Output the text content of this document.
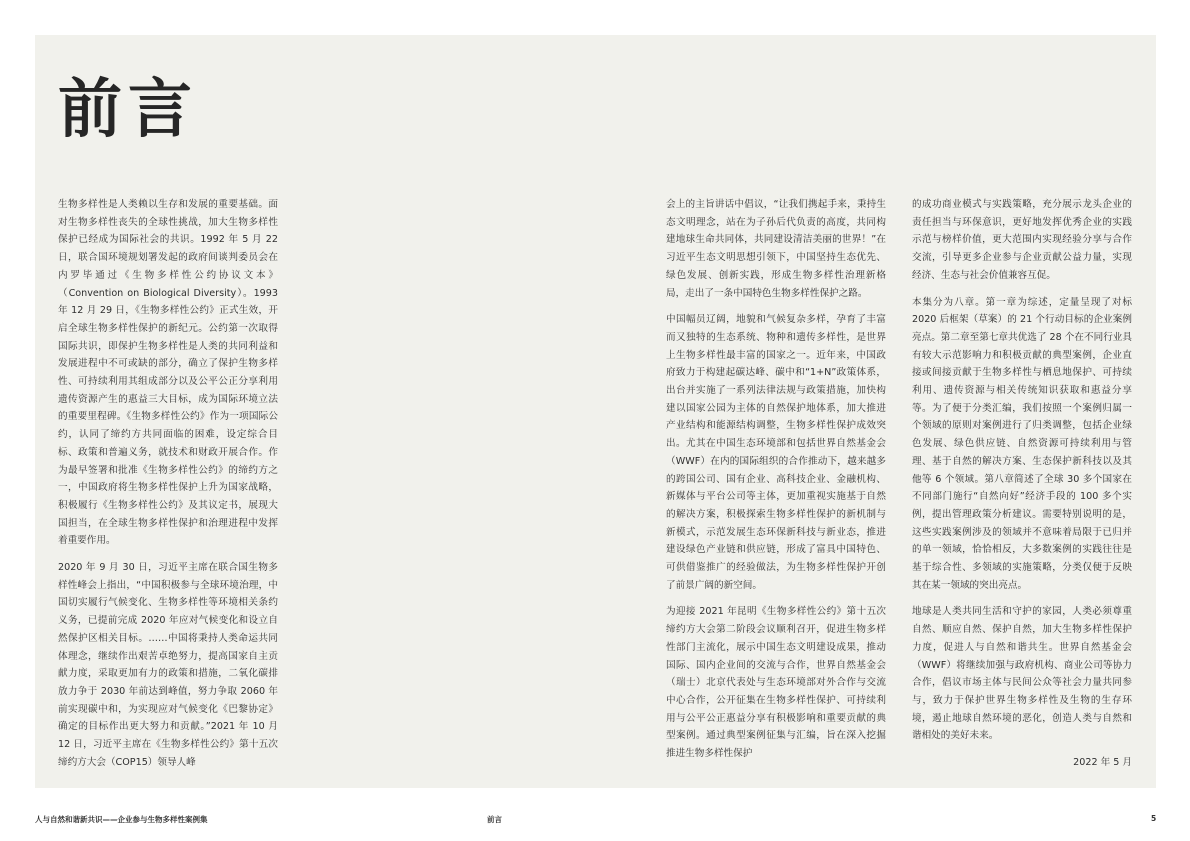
前言

生物多样性是人类赖以生存和发展的重要基础。面对生物多样性丧失的全球性挑战，加大生物多样性保护已经成为国际社会的共识。1992 年 5 月 22 日，联合国环境规划署发起的政府间谈判委员会在内罗毕通过《生物多样性公约协议文本》（Convention on Biological Diversity）。1993 年 12 月 29 日，《生物多样性公约》正式生效，开启全球生物多样性保护的新纪元。公约第一次取得国际共识，即保护生物多样性是人类的共同利益和发展进程中不可或缺的部分，确立了保护生物多样性、可持续利用其组成部分以及公平公正分享利用遗传资源产生的惠益三大目标，成为国际环境立法的重要里程碑。《生物多样性公约》作为一项国际公约，认同了缔约方共同面临的困难，设定综合目标、政策和普遍义务，就技术和财政开展合作。作为最早签署和批准《生物多样性公约》的缔约方之一，中国政府将生物多样性保护上升为国家战略，积极履行《生物多样性公约》及其议定书，展现大国担当，在全球生物多样性保护和治理进程中发挥着重要作用。

2020 年 9 月 30 日，习近平主席在联合国生物多样性峰会上指出，“中国积极参与全球环境治理，中国切实履行气候变化、生物多样性等环境相关条约义务，已提前完成 2020 年应对气候变化和设立自然保护区相关目标。……中国将秉持人类命运共同体理念，继续作出艰苦卓绝努力，提高国家自主贡献力度，采取更加有力的政策和措施，二氧化碳排放力争于 2030 年前达到峰值，努力争取 2060 年前实现碳中和，为实现应对气候变化《巴黎协定》确定的目标作出更大努力和贡献。”2021 年 10 月 12 日，习近平主席在《生物多样性公约》第十五次缔约方大会（COP15）领导人峰

会上的主旨讲话中倡议，“让我们携起手来，秉持生态文明理念，站在为子孙后代负责的高度，共同构建地球生命共同体，共同建设清洁美丽的世界！”在习近平生态文明思想引领下，中国坚持生态优先、绿色发展、创新实践，形成生物多样性治理新格局，走出了一条中国特色生物多样性保护之路。

中国幅员辽阔，地貌和气候复杂多样，孕育了丰富而又独特的生态系统、物种和遗传多样性，是世界上生物多样性最丰富的国家之一。近年来，中国政府致力于构建起碳达峰、碳中和“1+N”政策体系，出台并实施了一系列法律法规与政策措施，加快构建以国家公园为主体的自然保护地体系，加大推进产业结构和能源结构调整，生物多样性保护成效突出。尤其在中国生态环境部和包括世界自然基金会（WWF）在内的国际组织的合作推动下，越来越多的跨国公司、国有企业、高科技企业、金融机构、新媒体与平台公司等主体，更加重视实施基于自然的解决方案，积极探索生物多样性保护的新机制与新模式，示范发展生态环保新科技与新业态，推进建设绿色产业链和供应链，形成了富具中国特色、可供借鉴推广的经验做法，为生物多样性保护开创了前景广阔的新空间。

为迎接 2021 年昆明《生物多样性公约》第十五次缔约方大会第二阶段会议顺利召开，促进生物多样性部门主流化，展示中国生态文明建设成果，推动国际、国内企业间的交流与合作，世界自然基金会（瑞士）北京代表处与生态环境部对外合作与交流中心合作，公开征集在生物多样性保护、可持续利用与公平公正惠益分享有积极影响和重要贡献的典型案例。通过典型案例征集与汇编，旨在深入挖掘推进生物多样性保护

的成功商业模式与实践策略，充分展示龙头企业的责任担当与环保意识，更好地发挥优秀企业的实践示范与榜样价值，更大范围内实现经验分享与合作交流，引导更多企业参与企业贡献公益力量，实现经济、生态与社会价值兼容互促。

本集分为八章。第一章为综述，定量呈现了对标 2020 后框架（草案）的 21 个行动目标的企业案例亮点。第二章至第七章共优选了 28 个在不同行业具有较大示范影响力和积极贡献的典型案例，企业直接或间接贡献于生物多样性与栖息地保护、可持续利用、遗传资源与相关传统知识获取和惠益分享等。为了便于分类汇编，我们按照一个案例归属一个领域的原则对案例进行了归类调整，包括企业绿色发展、绿色供应链、自然资源可持续利用与管理、基于自然的解决方案、生态保护新科技以及其他等 6 个领域。第八章简述了全球 30 多个国家在不同部门施行“自然向好”经济手段的 100 多个实例，提出管理政策分析建议。需要特别说明的是，这些实践案例涉及的领域并不意味着局限于已归并的单一领域，恰恰相反，大多数案例的实践往往是基于综合性、多领域的实施策略，分类仅便于反映其在某一领域的突出亮点。

地球是人类共同生活和守护的家园，人类必须尊重自然、顺应自然、保护自然，加大生物多样性保护力度，促进人与自然和谐共生。世界自然基金会（WWF）将继续加强与政府机构、商业公司等协力合作，倡议市场主体与民间公众等社会力量共同参与，致力于保护世界生物多样性及生物的生存环境，遏止地球自然环境的恶化，创造人类与自然和谐相处的美好未来。

2022 年 5 月
人与自然和谐新共识——企业参与生物多样性案例集	前言	5
